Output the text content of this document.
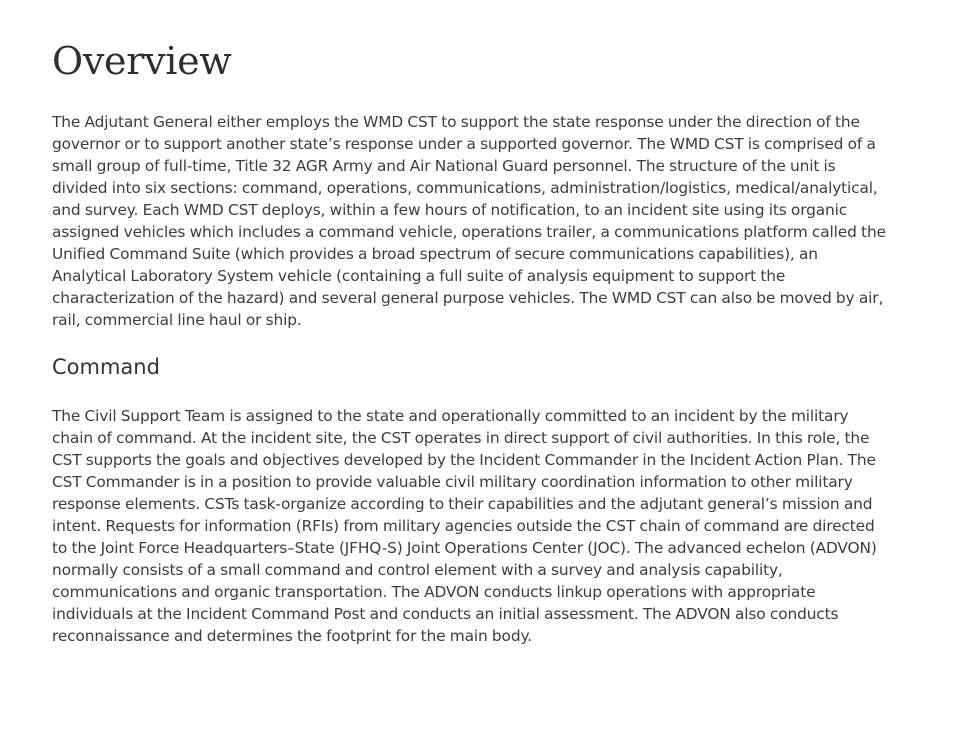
Overview

The Adjutant General either employs the WMD CST to support the state response under the direction of the governor or to support another state’s response under a supported governor. The WMD CST is comprised of a small group of full-time, Title 32 AGR Army and Air National Guard personnel. The structure of the unit is divided into six sections: command, operations, communications, administration/logistics, medical/analytical, and survey. Each WMD CST deploys, within a few hours of notification, to an incident site using its organic assigned vehicles which includes a command vehicle, operations trailer, a communications platform called the Unified Command Suite (which provides a broad spectrum of secure communications capabilities), an Analytical Laboratory System vehicle (containing a full suite of analysis equipment to support the characterization of the hazard) and several general purpose vehicles. The WMD CST can also be moved by air, rail, commercial line haul or ship.

Command

The Civil Support Team is assigned to the state and operationally committed to an incident by the military chain of command. At the incident site, the CST operates in direct support of civil authorities. In this role, the CST supports the goals and objectives developed by the Incident Commander in the Incident Action Plan. The CST Commander is in a position to provide valuable civil military coordination information to other military response elements. CSTs task-organize according to their capabilities and the adjutant general’s mission and intent. Requests for information (RFIs) from military agencies outside the CST chain of command are directed to the Joint Force Headquarters–State (JFHQ-S) Joint Operations Center (JOC). The advanced echelon (ADVON) normally consists of a small command and control element with a survey and analysis capability, communications and organic transportation. The ADVON conducts linkup operations with appropriate individuals at the Incident Command Post and conducts an initial assessment. The ADVON also conducts reconnaissance and determines the footprint for the main body.
